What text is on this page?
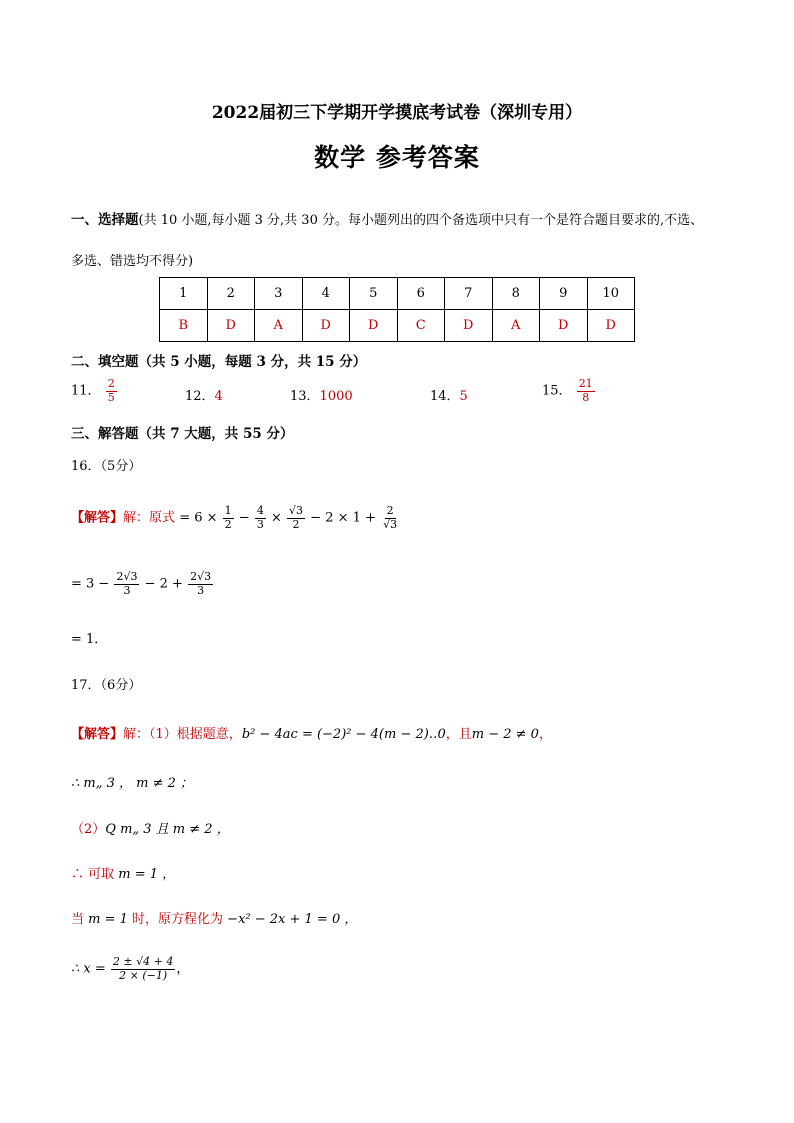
2022届初三下学期开学摸底考试卷（深圳专用）
数学 参考答案
一、选择题(共 10 小题,每小题 3 分,共 30 分。每小题列出的四个备选项中只有一个是符合题目要求的,不选、
多选、错选均不得分)
1	2	3	4	5	6	7	8	9	10
B	D	A	D	D	C	D	A	D	D
二、填空题（共 5 小题，每题 3 分，共 15 分）
11． $\frac{2}{5}$	12．4	13．1000	14．5	15． $\frac{21}{8}$
三、解答题（共 7 大题，共 55 分）
16．（5分）
【解答】解：原式 = $6 \times \frac{1}{2} - \frac{4}{3} \times \frac{√3}{2} - 2 \times 1 + \frac{2}{√3}$
= $3 - \frac{2√3}{3} - 2 + \frac{2√3}{3}$
= 1．
17．（6分）
【解答】解：（1）根据题意，b² − 4ac = (−2)² − 4(m − 2)‥0，且m − 2 ≠ 0，
∴ m„ 3 ， m ≠ 2 ；
（2）Q m„ 3 且 m ≠ 2 ，
∴ 可取 m = 1 ，
当 m = 1 时，原方程化为 −x² − 2x + 1 = 0 ，
∴ $x = \frac{2 \pm √4 + 4}{2 \times (-1)}$ ，
